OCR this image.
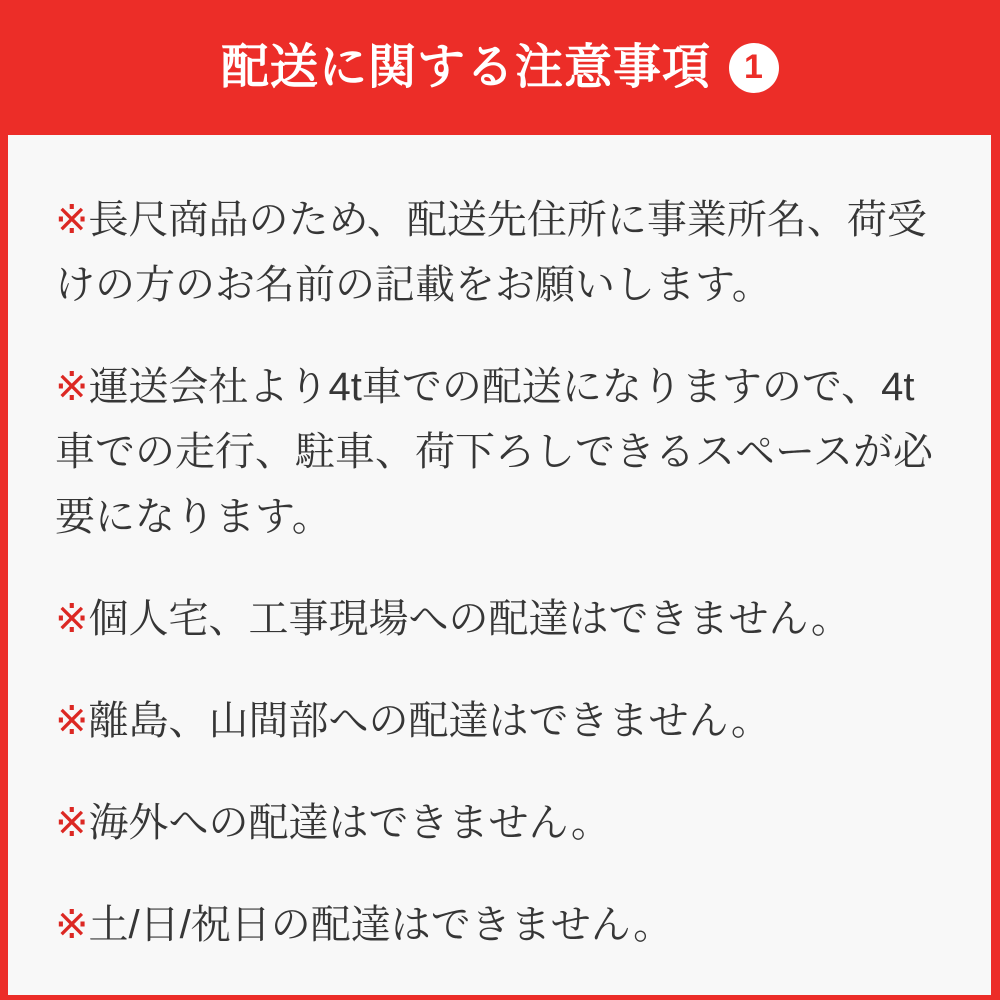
配送に関する注意事項 1

※長尺商品のため、配送先住所に事業所名、荷受けの方のお名前の記載をお願いします。

※運送会社より4t車での配送になりますので、4t車での走行、駐車、荷下ろしできるスペースが必要になります。

※個人宅、工事現場への配達はできません。

※離島、山間部への配達はできません。

※海外への配達はできません。

※土/日/祝日の配達はできません。
